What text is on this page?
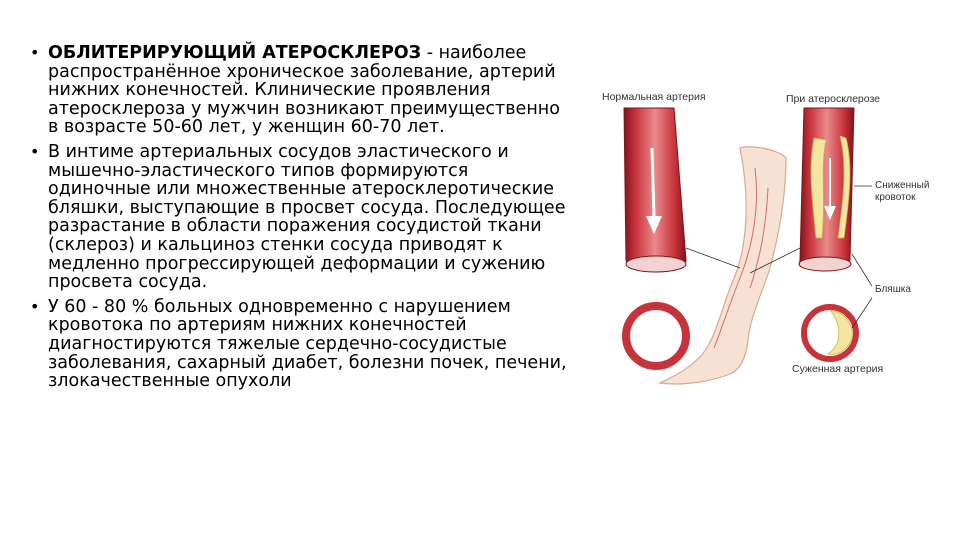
• ОБЛИТЕРИРУЮЩИЙ АТЕРОСКЛЕРОЗ - наиболее распространённое хроническое заболевание, артерий нижних конечностей. Клинические проявления атеросклероза у мужчин возникают преимущественно в возрасте 50-60 лет, у женщин 60-70 лет.
• В интиме артериальных сосудов эластического и мышечно-эластического типов формируются одиночные или множественные атеросклеротические бляшки, выступающие в просвет сосуда. Последующее разрастание в области поражения сосудистой ткани (склероз) и кальциноз стенки сосуда приводят к медленно прогрессирующей деформации и сужению просвета сосуда.
• У 60 - 80 % больных одновременно с нарушением кровотока по артериям нижних конечностей диагностируются тяжелые сердечно-сосудистые заболевания, сахарный диабет, болезни почек, печени, злокачественные опухоли
Нормальная артерия	При атеросклерозе
Сниженный
кровоток
Бляшка
Суженная артерия
